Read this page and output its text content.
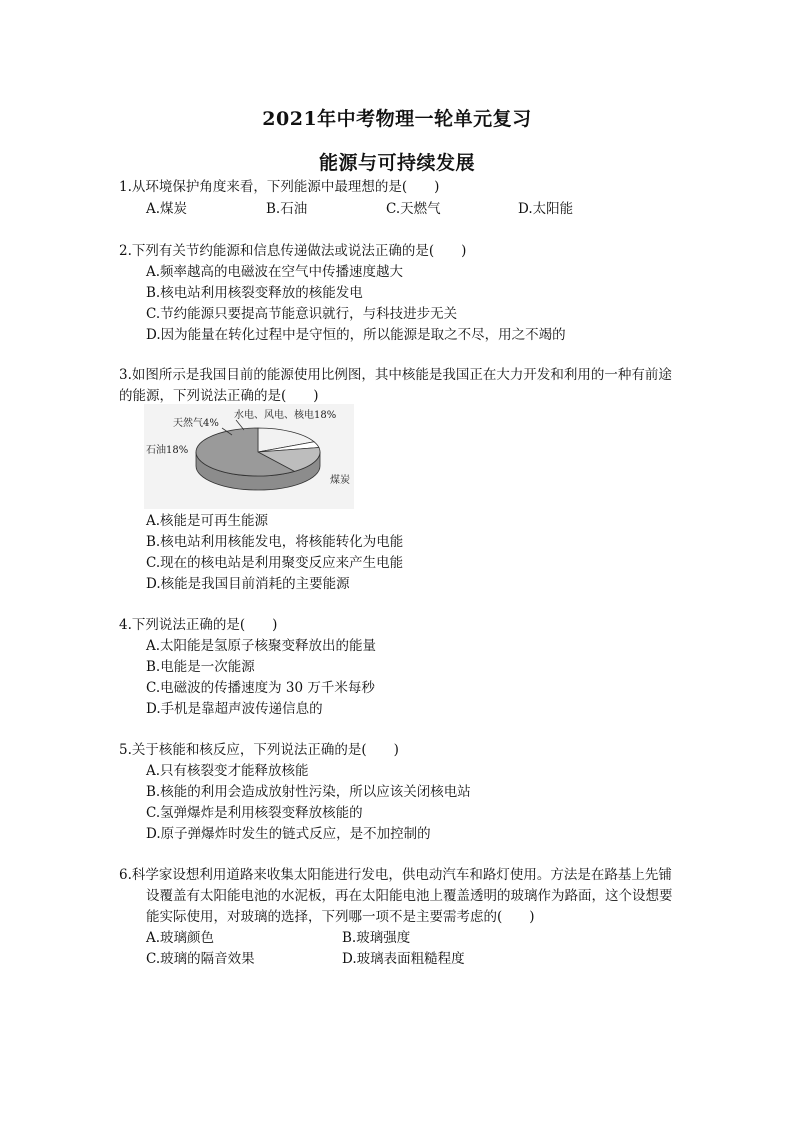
2021年中考物理一轮单元复习
能源与可持续发展
1.从环境保护角度来看，下列能源中最理想的是(　　)
A.煤炭	B.石油	C.天燃气	D.太阳能
2.下列有关节约能源和信息传递做法或说法正确的是(　　)
A.频率越高的电磁波在空气中传播速度越大
B.核电站利用核裂变释放的核能发电
C.节约能源只要提高节能意识就行，与科技进步无关
D.因为能量在转化过程中是守恒的，所以能源是取之不尽，用之不竭的
3.如图所示是我国目前的能源使用比例图，其中核能是我国正在大力开发和利用的一种有前途
的能源，下列说法正确的是(　　)
水电、风电、核电18%
天然气4%
石油18%
煤炭
A.核能是可再生能源
B.核电站利用核能发电，将核能转化为电能
C.现在的核电站是利用聚变反应来产生电能
D.核能是我国目前消耗的主要能源
4.下列说法正确的是(　　)
A.太阳能是氢原子核聚变释放出的能量
B.电能是一次能源
C.电磁波的传播速度为 30 万千米每秒
D.手机是靠超声波传递信息的
5.关于核能和核反应，下列说法正确的是(　　)
A.只有核裂变才能释放核能
B.核能的利用会造成放射性污染，所以应该关闭核电站
C.氢弹爆炸是利用核裂变释放核能的
D.原子弹爆炸时发生的链式反应，是不加控制的
6.科学家设想利用道路来收集太阳能进行发电，供电动汽车和路灯使用。方法是在路基上先铺
设覆盖有太阳能电池的水泥板，再在太阳能电池上覆盖透明的玻璃作为路面，这个设想要
能实际使用，对玻璃的选择，下列哪一项不是主要需考虑的(　　)
A.玻璃颜色	B.玻璃强度
C.玻璃的隔音效果	D.玻璃表面粗糙程度
